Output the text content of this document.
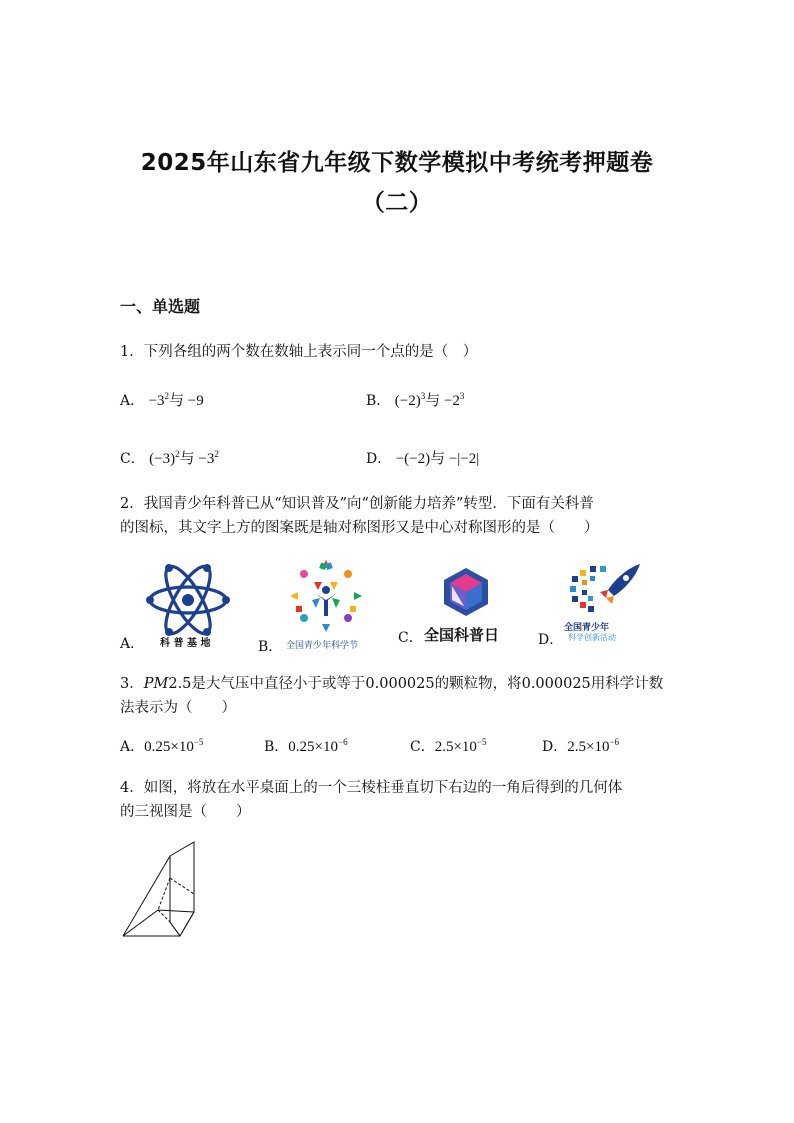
2025年山东省九年级下数学模拟中考统考押题卷
（二）
一、单选题
1．下列各组的两个数在数轴上表示同一个点的是（　）
A． $-3^2$与 −9	B． $(-2)^3$与 $-2^3$
C． $(-3)^2$与 $-3^2$	D． −(−2)与 −|−2|
2．我国青少年科普已从“知识普及”向“创新能力培养”转型．下面有关科普
的图标，其文字上方的图案既是轴对称图形又是中心对称图形的是（　　）
A． 科 普 基 地	B． 全国青少年科学节	C． 全国科普日	D．
全国青少年
科学创新活动
3．PM2.5是大气压中直径小于或等于0.000025的颗粒物，将0.000025用科学计数
法表示为（　　）
A．$0.25\times 10^{-5}$	B．$0.25\times 10^{-6}$	C．$2.5\times 10^{-5}$	D．$2.5\times 10^{-6}$
4．如图，将放在水平桌面上的一个三棱柱垂直切下右边的一角后得到的几何体
的三视图是（　　）
